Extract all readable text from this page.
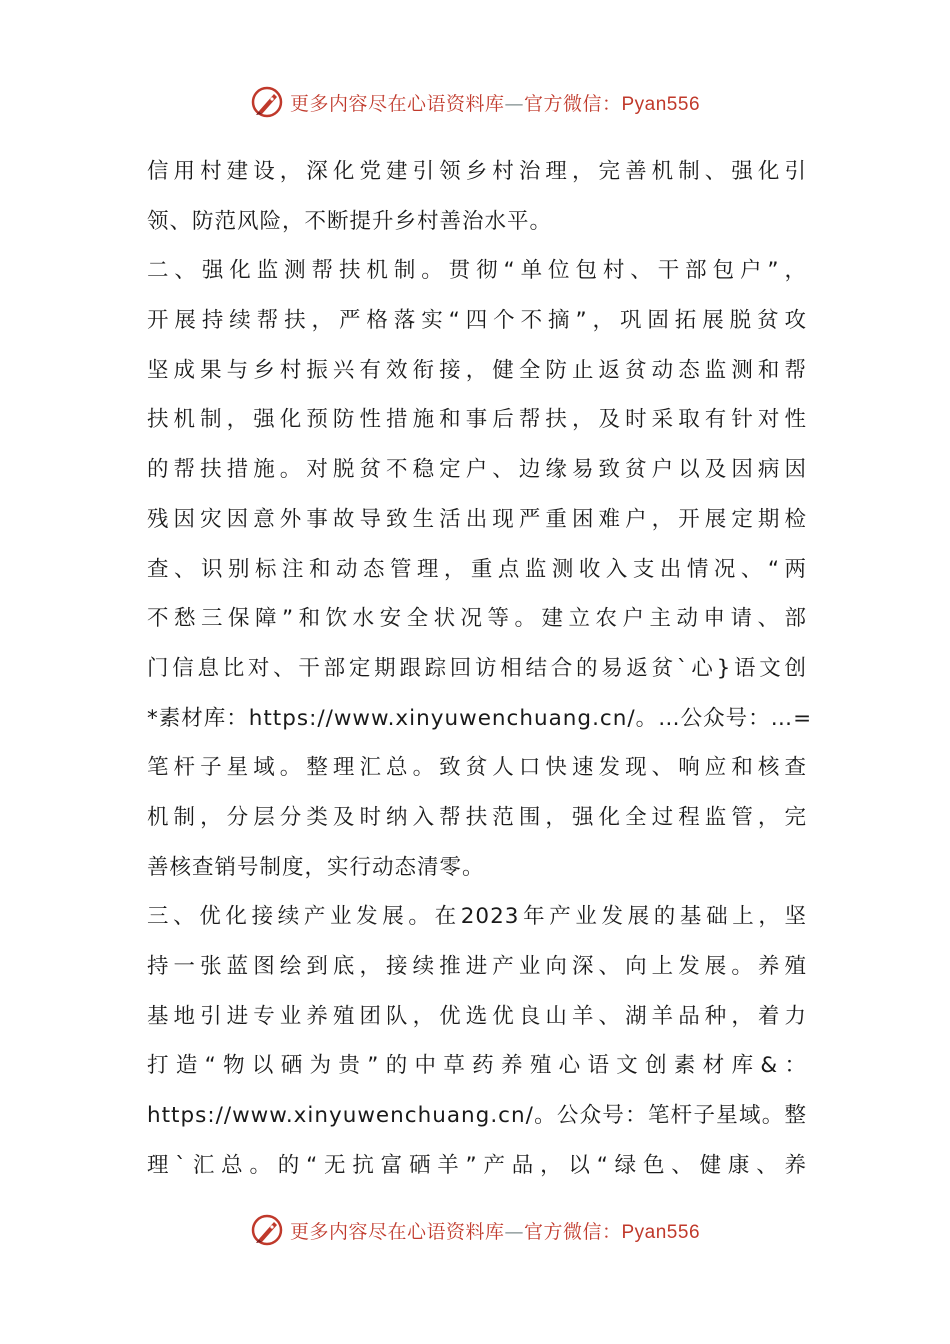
更多内容尽在心语资料库—官方微信：Pyan556
信用村建设，深化党建引领乡村治理，完善机制、强化引
领、防范风险，不断提升乡村善治水平。
二、强化监测帮扶机制。贯彻“单位包村、干部包户”，
开展持续帮扶，严格落实“四个不摘”，巩固拓展脱贫攻
坚成果与乡村振兴有效衔接，健全防止返贫动态监测和帮
扶机制，强化预防性措施和事后帮扶，及时采取有针对性
的帮扶措施。对脱贫不稳定户、边缘易致贫户以及因病因
残因灾因意外事故导致生活出现严重困难户，开展定期检
查、识别标注和动态管理，重点监测收入支出情况、“两
不愁三保障”和饮水安全状况等。建立农户主动申请、部
门信息比对、干部定期跟踪回访相结合的易返贫`心}语文创
*素材库：https://www.xinyuwenchuang.cn/。…公众号：…=
笔杆子星域。整理汇总。致贫人口快速发现、响应和核查
机制，分层分类及时纳入帮扶范围，强化全过程监管，完
善核查销号制度，实行动态清零。
三、优化接续产业发展。在2023年产业发展的基础上，坚
持一张蓝图绘到底，接续推进产业向深、向上发展。养殖
基地引进专业养殖团队，优选优良山羊、湖羊品种，着力
打造“物以硒为贵”的中草药养殖心语文创素材库&：
https://www.xinyuwenchuang.cn/。公众号：笔杆子星域。整
理`汇总。的“无抗富硒羊”产品，以“绿色、健康、养
更多内容尽在心语资料库—官方微信：Pyan556
